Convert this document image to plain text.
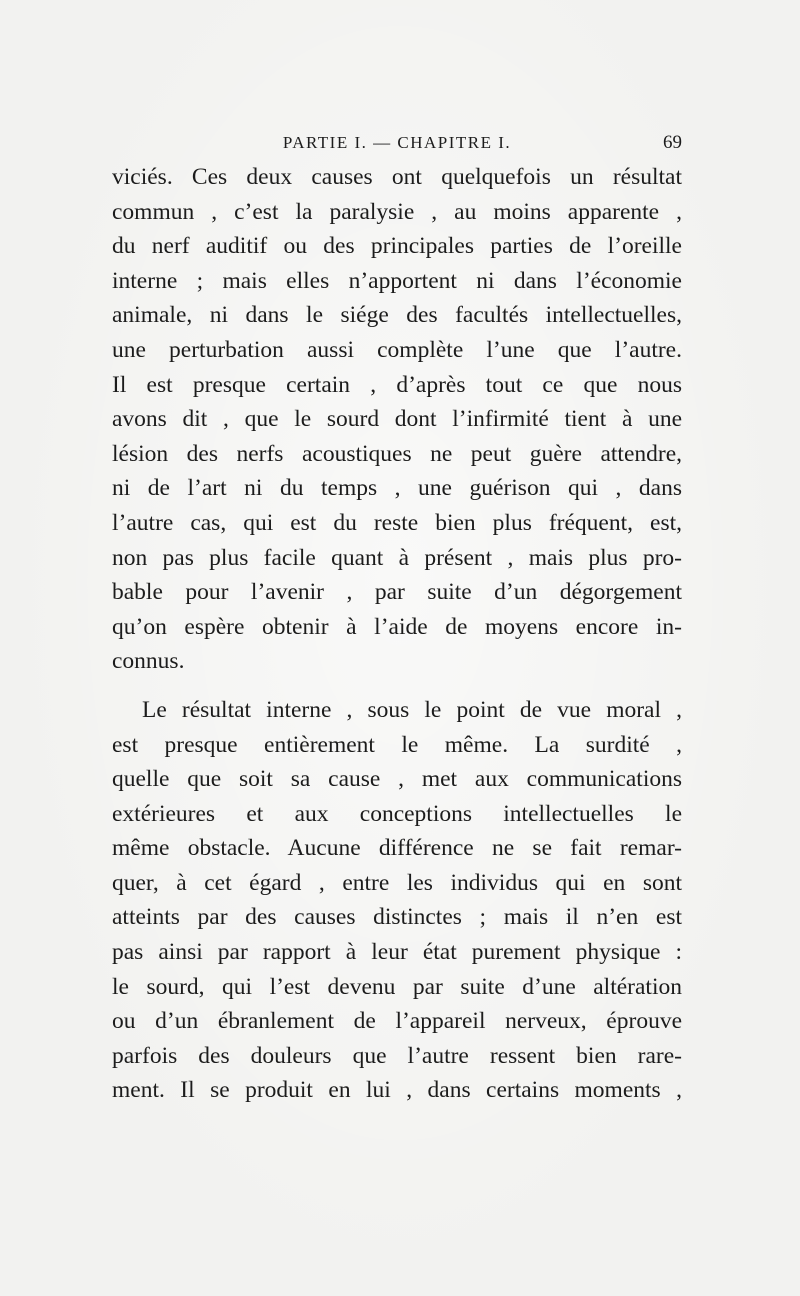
PARTIE I. — CHAPITRE I.	69
viciés. Ces deux causes ont quelquefois un résultat
commun , c’est la paralysie , au moins apparente ,
du nerf auditif ou des principales parties de l’oreille
interne ; mais elles n’apportent ni dans l’économie
animale, ni dans le siége des facultés intellectuelles,
une perturbation aussi complète l’une que l’autre.
Il est presque certain , d’après tout ce que nous
avons dit , que le sourd dont l’infirmité tient à une
lésion des nerfs acoustiques ne peut guère attendre,
ni de l’art ni du temps , une guérison qui , dans
l’autre cas, qui est du reste bien plus fréquent, est,
non pas plus facile quant à présent , mais plus pro-
bable pour l’avenir , par suite d’un dégorgement
qu’on espère obtenir à l’aide de moyens encore in-
connus.
Le résultat interne , sous le point de vue moral ,
est presque entièrement le même. La surdité ,
quelle que soit sa cause , met aux communications
extérieures et aux conceptions intellectuelles le
même obstacle. Aucune différence ne se fait remar-
quer, à cet égard , entre les individus qui en sont
atteints par des causes distinctes ; mais il n’en est
pas ainsi par rapport à leur état purement physique :
le sourd, qui l’est devenu par suite d’une altération
ou d’un ébranlement de l’appareil nerveux, éprouve
parfois des douleurs que l’autre ressent bien rare-
ment. Il se produit en lui , dans certains moments ,
